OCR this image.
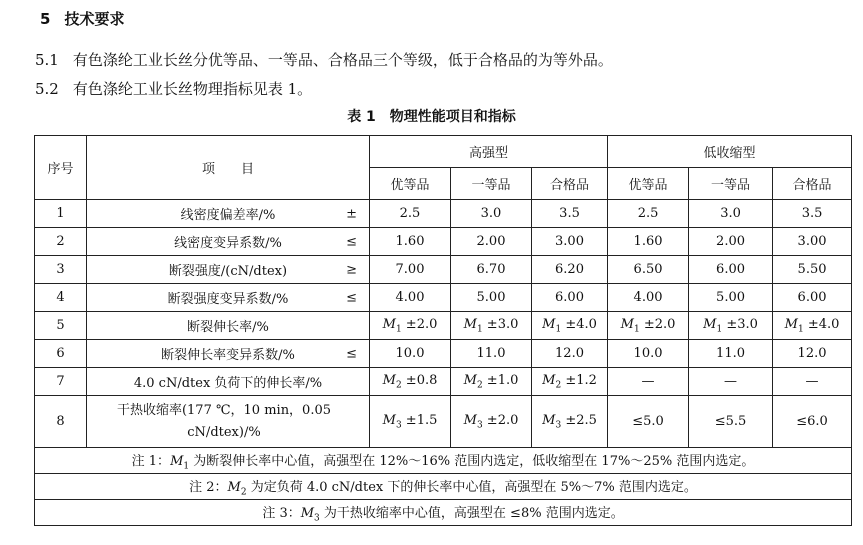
5 技术要求
5.1 有色涤纶工业长丝分优等品、一等品、合格品三个等级，低于合格品的为等外品。
5.2 有色涤纶工业长丝物理指标见表 1。
表 1　物理性能项目和指标
序号	项　　目	高强型			低收缩型		
		优等品	一等品	合格品	优等品	一等品	合格品
1	线密度偏差率/% ±	2.5	3.0	3.5	2.5	3.0	3.5
2	线密度变异系数/% ≤	1.60	2.00	3.00	1.60	2.00	3.00
3	断裂强度/(cN/dtex) ≥	7.00	6.70	6.20	6.50	6.00	5.50
4	断裂强度变异系数/% ≤	4.00	5.00	6.00	4.00	5.00	6.00
5	断裂伸长率/%	$M_1 \pm 2.0$	$M_1 \pm 3.0$	$M_1 \pm 4.0$	$M_1 \pm 2.0$	$M_1 \pm 3.0$	$M_1 \pm 4.0$
6	断裂伸长率变异系数/% ≤	10.0	11.0	12.0	10.0	11.0	12.0
7	4.0 cN/dtex 负荷下的伸长率/%	$M_2 \pm 0.8$	$M_2 \pm 1.0$	$M_2 \pm 1.2$	—	—	—
8	干热收缩率(177 ℃，10 min，0.05 cN/dtex)/%	$M_3 \pm 1.5$	$M_3 \pm 2.0$	$M_3 \pm 2.5$	≤5.0	≤5.5	≤6.0
注 1：$M_1$ 为断裂伸长率中心值，高强型在 12%～16% 范围内选定，低收缩型在 17%～25% 范围内选定。							
注 2：$M_2$ 为定负荷 4.0 cN/dtex 下的伸长率中心值，高强型在 5%～7% 范围内选定。							
注 3：$M_3$ 为干热收缩率中心值，高强型在 ≤8% 范围内选定。							
